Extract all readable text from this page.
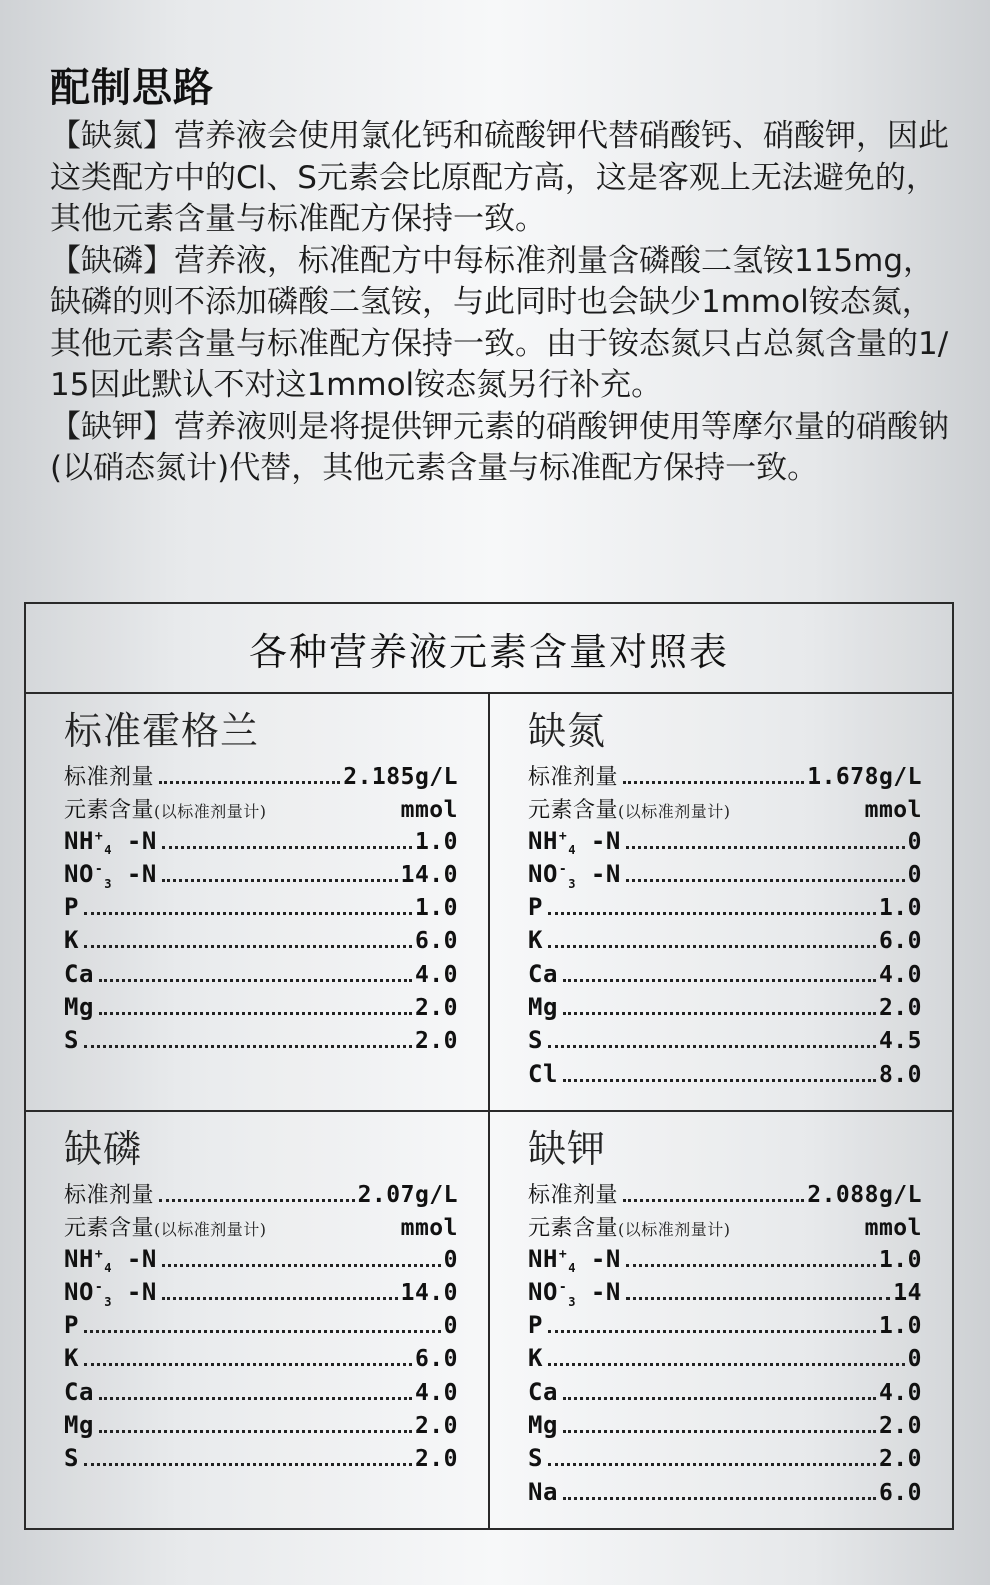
配制思路

【缺氮】营养液会使用氯化钙和硫酸钾代替硝酸钙、硝酸钾，因此这类配方中的Cl、S元素会比原配方高，这是客观上无法避免的，其他元素含量与标准配方保持一致。

【缺磷】营养液，标准配方中每标准剂量含磷酸二氢铵115mg，缺磷的则不添加磷酸二氢铵，与此同时也会缺少1mmol铵态氮，其他元素含量与标准配方保持一致。由于铵态氮只占总氮含量的1/15因此默认不对这1mmol铵态氮另行补充。

【缺钾】营养液则是将提供钾元素的硝酸钾使用等摩尔量的硝酸钠(以硝态氮计)代替，其他元素含量与标准配方保持一致。

各种营养液元素含量对照表
标准霍格兰
标准剂量	2.185g/L
元素含量(以标准剂量计)	mmol
$NH^+_4$ -N	1.0
$NO^-_3$ -N	14.0
P	1.0
K	6.0
Ca	4.0
Mg	2.0
S	2.0
缺氮
标准剂量	1.678g/L
元素含量(以标准剂量计)	mmol
$NH^+_4$ -N	0
$NO^-_3$ -N	0
P	1.0
K	6.0
Ca	4.0
Mg	2.0
S	4.5
Cl	8.0
缺磷
标准剂量	2.07g/L
元素含量(以标准剂量计)	mmol
$NH^+_4$ -N	0
$NO^-_3$ -N	14.0
P	0
K	6.0
Ca	4.0
Mg	2.0
S	2.0
缺钾
标准剂量	2.088g/L
元素含量(以标准剂量计)	mmol
$NH^+_4$ -N	1.0
$NO^-_3$ -N	14
P	1.0
K	0
Ca	4.0
Mg	2.0
S	2.0
Na	6.0
